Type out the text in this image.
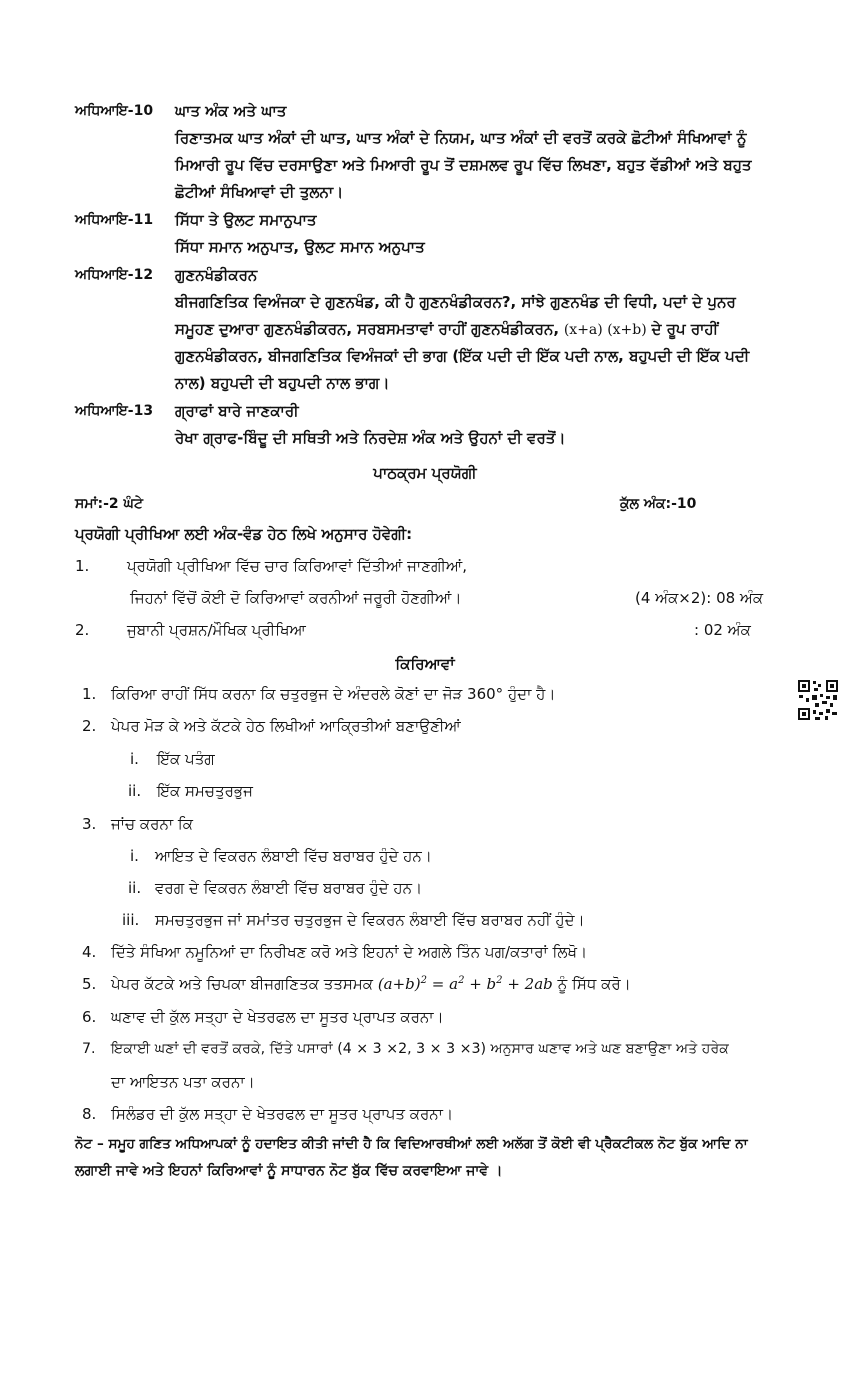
ਅਧਿਆਇ-10 ਘਾਤ ਅੰਕ ਅਤੇ ਘਾਤ
ਰਿਣਾਤਮਕ ਘਾਤ ਅੰਕਾਂ ਦੀ ਘਾਤ, ਘਾਤ ਅੰਕਾਂ ਦੇ ਨਿਯਮ, ਘਾਤ ਅੰਕਾਂ ਦੀ ਵਰਤੋਂ ਕਰਕੇ ਛੋਟੀਆਂ ਸੰਖਿਆਵਾਂ ਨੂੰ
ਮਿਆਰੀ ਰੂਪ ਵਿੱਚ ਦਰਸਾਉਣਾ ਅਤੇ ਮਿਆਰੀ ਰੂਪ ਤੋਂ ਦਸ਼ਮਲਵ ਰੂਪ ਵਿੱਚ ਲਿਖਣਾ, ਬਹੁਤ ਵੱਡੀਆਂ ਅਤੇ ਬਹੁਤ
ਛੋਟੀਆਂ ਸੰਖਿਆਵਾਂ ਦੀ ਤੁਲਨਾ।
ਅਧਿਆਇ-11 ਸਿੱਧਾ ਤੇ ਉਲਟ ਸਮਾਨੁਪਾਤ
ਸਿੱਧਾ ਸਮਾਨ ਅਨੁਪਾਤ, ਉਲਟ ਸਮਾਨ ਅਨੁਪਾਤ
ਅਧਿਆਇ-12 ਗੁਣਨਖੰਡੀਕਰਨ
ਬੀਜਗਣਿਤਿਕ ਵਿਅੰਜਕਾ ਦੇ ਗੁਣਨਖੰਡ, ਕੀ ਹੈ ਗੁਣਨਖੰਡੀਕਰਨ?, ਸਾਂਝੇ ਗੁਣਨਖੰਡ ਦੀ ਵਿਧੀ, ਪਦਾਂ ਦੇ ਪੁਨਰ
ਸਮੂਹਣ ਦੁਆਰਾ ਗੁਣਨਖੰਡੀਕਰਨ, ਸਰਬਸਮਤਾਵਾਂ ਰਾਹੀਂ ਗੁਣਨਖੰਡੀਕਰਨ, (x+a) (x+b) ਦੇ ਰੂਪ ਰਾਹੀਂ
ਗੁਣਨਖੰਡੀਕਰਨ, ਬੀਜਗਣਿਤਿਕ ਵਿਅੰਜਕਾਂ ਦੀ ਭਾਗ (ਇੱਕ ਪਦੀ ਦੀ ਇੱਕ ਪਦੀ ਨਾਲ, ਬਹੁਪਦੀ ਦੀ ਇੱਕ ਪਦੀ
ਨਾਲ) ਬਹੁਪਦੀ ਦੀ ਬਹੁਪਦੀ ਨਾਲ ਭਾਗ।
ਅਧਿਆਇ-13 ਗ੍ਰਾਫਾਂ ਬਾਰੇ ਜਾਣਕਾਰੀ
ਰੇਖਾ ਗ੍ਰਾਫ-ਬਿੰਦੂ ਦੀ ਸਥਿਤੀ ਅਤੇ ਨਿਰਦੇਸ਼ ਅੰਕ ਅਤੇ ਉਹਨਾਂ ਦੀ ਵਰਤੋਂ।
ਪਾਠਕ੍ਰਮ ਪ੍ਰਯੋਗੀ
ਸਮਾਂ:-2 ਘੰਟੇ	ਕੁੱਲ ਅੰਕ:-10
ਪ੍ਰਯੋਗੀ ਪ੍ਰੀਖਿਆ ਲਈ ਅੰਕ-ਵੰਡ ਹੇਠ ਲਿਖੇ ਅਨੁਸਾਰ ਹੋਵੇਗੀ:
1.	ਪ੍ਰਯੋਗੀ ਪ੍ਰੀਖਿਆ ਵਿੱਚ ਚਾਰ ਕਿਰਿਆਵਾਂ ਦਿੱਤੀਆਂ ਜਾਣਗੀਆਂ,
ਜਿਹਨਾਂ ਵਿੱਚੋਂ ਕੋਈ ਦੋ ਕਿਰਿਆਵਾਂ ਕਰਨੀਆਂ ਜਰੂਰੀ ਹੋਣਗੀਆਂ।	(4 ਅੰਕ×2): 08 ਅੰਕ
2.	ਜੁਬਾਨੀ ਪ੍ਰਸ਼ਨ/ਮੌਖਿਕ ਪ੍ਰੀਖਿਆ	: 02 ਅੰਕ
ਕਿਰਿਆਵਾਂ
1. ਕਿਰਿਆ ਰਾਹੀਂ ਸਿੱਧ ਕਰਨਾ ਕਿ ਚਤੁਰਭੁਜ ਦੇ ਅੰਦਰਲੇ ਕੋਣਾਂ ਦਾ ਜੋੜ 360° ਹੁੰਦਾ ਹੈ।
2. ਪੇਪਰ ਮੋੜ ਕੇ ਅਤੇ ਕੱਟਕੇ ਹੇਠ ਲਿਖੀਆਂ ਆਕ੍ਰਿਤੀਆਂ ਬਣਾਉਣੀਆਂ
i. ਇੱਕ ਪਤੰਗ
ii. ਇੱਕ ਸਮਚਤੁਰਭੁਜ
3. ਜਾਂਚ ਕਰਨਾ ਕਿ
i. ਆਇਤ ਦੇ ਵਿਕਰਨ ਲੰਬਾਈ ਵਿੱਚ ਬਰਾਬਰ ਹੁੰਦੇ ਹਨ।
ii. ਵਰਗ ਦੇ ਵਿਕਰਨ ਲੰਬਾਈ ਵਿੱਚ ਬਰਾਬਰ ਹੁੰਦੇ ਹਨ।
iii. ਸਮਚਤੁਰਭੁਜ ਜਾਂ ਸਮਾਂਤਰ ਚਤੁਰਭੁਜ ਦੇ ਵਿਕਰਨ ਲੰਬਾਈ ਵਿੱਚ ਬਰਾਬਰ ਨਹੀਂ ਹੁੰਦੇ।
4. ਦਿੱਤੇ ਸੰਖਿਆ ਨਮੂਨਿਆਂ ਦਾ ਨਿਰੀਖਣ ਕਰੋ ਅਤੇ ਇਹਨਾਂ ਦੇ ਅਗਲੇ ਤਿੰਨ ਪਗ/ਕਤਾਰਾਂ ਲਿਖੋ।
5. ਪੇਪਰ ਕੱਟਕੇ ਅਤੇ ਚਿਪਕਾ ਬੀਜਗਣਿਤਕ ਤਤਸਮਕ $(a+b)^2 = a^2 + b^2 + 2ab$ ਨੂੰ ਸਿੱਧ ਕਰੋ।
6. ਘਣਾਵ ਦੀ ਕੁੱਲ ਸਤ੍ਹਾ ਦੇ ਖੇਤਰਫਲ ਦਾ ਸੂਤਰ ਪ੍ਰਾਪਤ ਕਰਨਾ।
7. ਇਕਾਈ ਘਣਾਂ ਦੀ ਵਰਤੋਂ ਕਰਕੇ, ਦਿੱਤੇ ਪਸਾਰਾਂ (4 × 3 ×2, 3 × 3 ×3) ਅਨੁਸਾਰ ਘਣਾਵ ਅਤੇ ਘਣ ਬਣਾਉਣਾ ਅਤੇ ਹਰੇਕ
ਦਾ ਆਇਤਨ ਪਤਾ ਕਰਨਾ।
8. ਸਿਲੰਡਰ ਦੀ ਕੁੱਲ ਸਤ੍ਹਾ ਦੇ ਖੇਤਰਫਲ ਦਾ ਸੂਤਰ ਪ੍ਰਾਪਤ ਕਰਨਾ।
ਨੋਟ – ਸਮੂਹ ਗਣਿਤ ਅਧਿਆਪਕਾਂ ਨੂੰ ਹਦਾਇਤ ਕੀਤੀ ਜਾਂਦੀ ਹੈ ਕਿ ਵਿਦਿਆਰਥੀਆਂ ਲਈ ਅਲੱਗ ਤੋਂ ਕੋਈ ਵੀ ਪ੍ਰੈਕਟੀਕਲ ਨੋਟ ਬੁੱਕ ਆਦਿ ਨਾ
ਲਗਾਈ ਜਾਵੇ ਅਤੇ ਇਹਨਾਂ ਕਿਰਿਆਵਾਂ ਨੂੰ ਸਾਧਾਰਨ ਨੋਟ ਬੁੱਕ ਵਿੱਚ ਕਰਵਾਇਆ ਜਾਵੇ ।
